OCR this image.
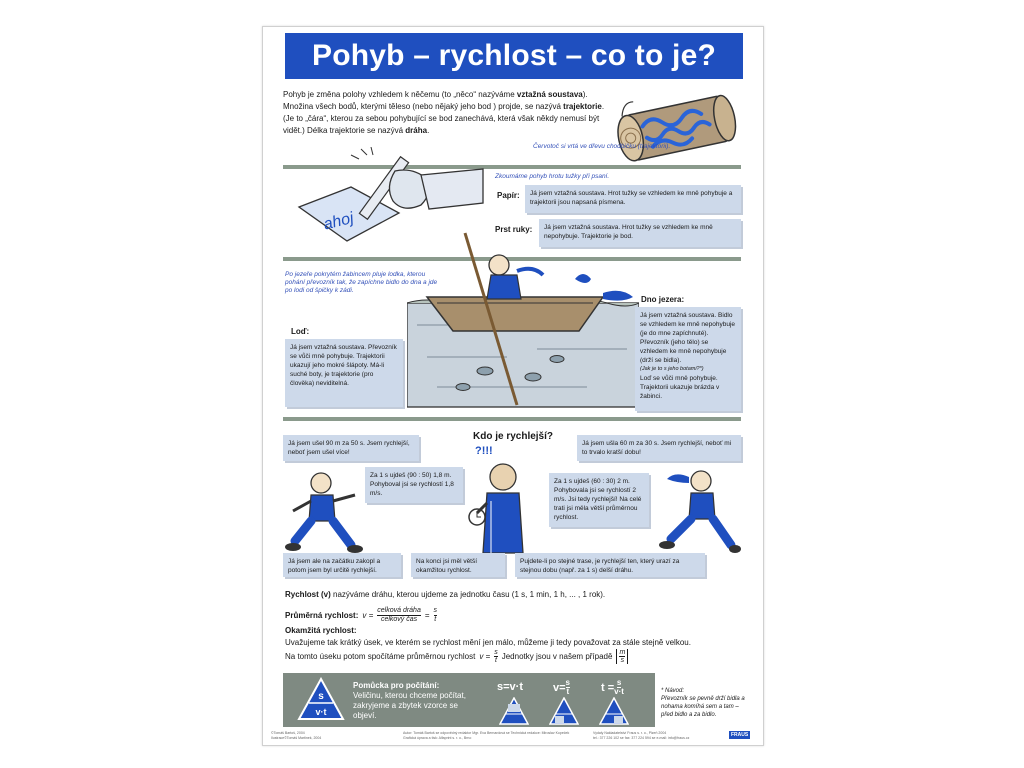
Pohyb – rychlost – co to je?
Pohyb je změna polohy vzhledem k něčemu (to „něco“ nazýváme vztažná soustava). Množina všech bodů, kterými těleso (nebo nějaký jeho bod ) projde, se nazývá trajektorie. (Je to „čára“, kterou za sebou pohybující se bod zanechává, která však někdy nemusí být vidět.) Délka trajektorie se nazývá dráha.
Červotoč si vrtá ve dřevu chodbičku (trajektorii).
ahoj
Zkoumáme pohyb hrotu tužky při psaní.
Papír:	Já jsem vztažná soustava. Hrot tužky se vzhledem ke mně pohybuje a trajektorii jsou napsaná písmena.
Prst ruky:	Já jsem vztažná soustava. Hrot tužky se vzhledem ke mně nepohybuje. Trajektorie je bod.
Po jezeře pokrytém žabincem pluje lodka, kterou pohání převozník tak, že zapíchne bidlo do dna a jde po lodi od špičky k zádi.
Loď:
Já jsem vztažná soustava. Převozník se vůči mně pohybuje. Trajektorii ukazují jeho mokré šlápoty. Má-li suché boty, je trajektorie (pro člověka) neviditelná.
Dno jezera:
Já jsem vztažná soustava. Bidlo se vzhledem ke mně nepohybuje (je do mne zapíchnuté). Převozník (jeho tělo) se vzhledem ke mně nepohybuje (drží se bidla).
(Jak je to s jeho botami?*)
Loď se vůči mně pohybuje. Trajektorii ukazuje brázda v žabinci.
Kdo je rychlejší?
Já jsem ušel 90 m za 50 s. Jsem rychlejší, neboť jsem ušel více!
Já jsem ušla 60 m za 30 s. Jsem rychlejší, neboť mi to trvalo kratší dobu!
Za 1 s ujdeš (90 : 50) 1,8 m. Pohyboval jsi se rychlostí 1,8 m/s.
Za 1 s ujdeš (60 : 30) 2 m. Pohybovala jsi se rychlostí 2 m/s. Jsi tedy rychlejší! Na celé trati jsi měla větší průměrnou rychlost.
?!!!
Já jsem ale na začátku zakopl a potom jsem byl určitě rychlejší.
Na konci jsi měl větší okamžitou rychlost.
Pujdete-li po stejné trase, je rychlejší ten, který urazí za stejnou dobu (např. za 1 s) delší dráhu.
Rychlost (v) nazýváme dráhu, kterou ujdeme za jednotku času (1 s, 1 min, 1 h, ... , 1 rok).
Průměrná rychlost: v = celková dráha
celkový čas = $\frac{s}{t}$
Okamžitá rychlost:
Uvažujeme tak krátký úsek, ve kterém se rychlost mění jen málo, můžeme ji tedy považovat za stále stejně velkou.
Na tomto úseku potom spočítáme průměrnou rychlost $v = \frac{s}{t}$ Jednotky jsou v našem případě m
s
s
v·t
Pomůcka pro počítání:
Veličinu, kterou chceme počítat, zakryjeme a zbytek vzorce se objeví.
s=v·t	$v= \frac{s}{t}$	$t = \frac{s}{v\cdot t}$	* Návod:
Převozník se pevně drží bidla a nohama komíhá sem a tam – před bidlo a za bidlo.
©Tomáš Bartoš, 2004
Ilustrace©Tomáš Martinek, 2004
Autor: Tomáš Bartoš se odpovědný redaktor Mgr. Eva Bernardová se Technická redakce: Miroslav Kopeček
Grafická úprava a tisk: Alfaprint s. r. o., Brno
Vydaly Nakladatelství Fraus s. r. o., Plzeň 2004
tel.: 377 226 102 se fax: 377 224 594 se e-mail: info@fraus.cz	FRAUS
